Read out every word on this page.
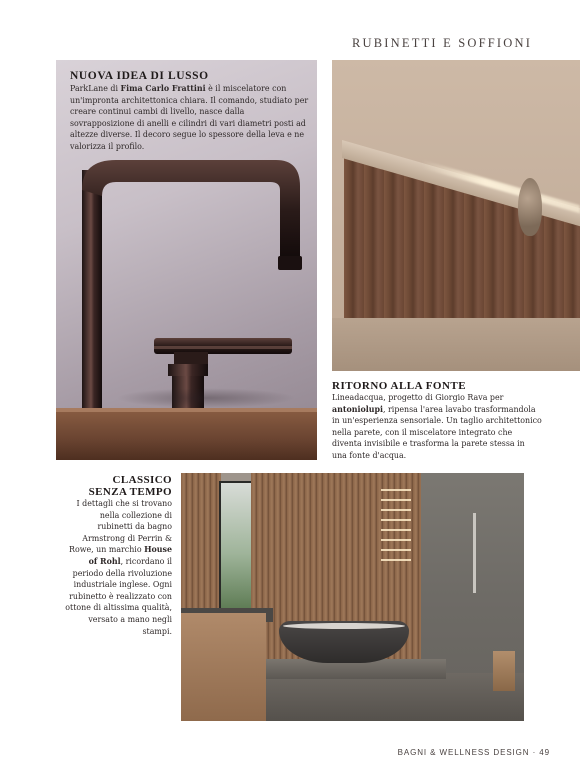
RUBINETTI E SOFFIONI
NUOVA IDEA DI LUSSO
ParkLane di Fima Carlo Frattini è il miscelatore con un'impronta architettonica chiara. Il comando, studiato per creare continui cambi di livello, nasce dalla sovrapposizione di anelli e cilindri di vari diametri posti ad altezze diverse. Il decoro segue lo spessore della leva e ne valorizza il profilo.
RITORNO ALLA FONTE
Lineadacqua, progetto di Giorgio Rava per antoniolupi, ripensa l'area lavabo trasformandola in un'esperienza sensoriale. Un taglio architettonico nella parete, con il miscelatore integrato che diventa invisibile e trasforma la parete stessa in una fonte d'acqua.
CLASSICO
SENZA TEMPO
I dettagli che si trovano nella collezione di rubinetti da bagno Armstrong di Perrin & Rowe, un marchio House of Rohl, ricordano il periodo della rivoluzione industriale inglese. Ogni rubinetto è realizzato con ottone di altissima qualità, versato a mano negli stampi.
BAGNI & WELLNESS DESIGN · 49
